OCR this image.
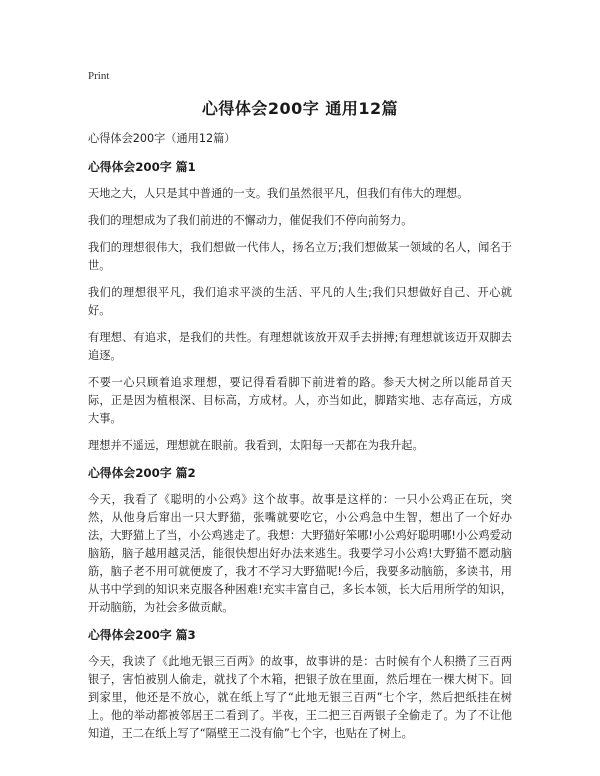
Print
心得体会200字 通用12篇
心得体会200字（通用12篇）
心得体会200字 篇1

天地之大，人只是其中普通的一支。我们虽然很平凡，但我们有伟大的理想。

我们的理想成为了我们前进的不懈动力，催促我们不停向前努力。

我们的理想很伟大，我们想做一代伟人，扬名立万;我们想做某一领域的名人，闻名于世。

我们的理想很平凡，我们追求平淡的生活、平凡的人生;我们只想做好自己、开心就好。

有理想、有追求，是我们的共性。有理想就该放开双手去拼搏;有理想就该迈开双脚去追逐。

不要一心只顾着追求理想，要记得看看脚下前进着的路。参天大树之所以能昂首天际，正是因为植根深、目标高，方成材。人，亦当如此，脚踏实地、志存高远，方成大事。

理想并不遥远，理想就在眼前。我看到，太阳每一天都在为我升起。

心得体会200字 篇2

今天，我看了《聪明的小公鸡》这个故事。故事是这样的：一只小公鸡正在玩，突然，从他身后窜出一只大野猫，张嘴就要吃它，小公鸡急中生智，想出了一个好办法，大野猫上了当，小公鸡逃走了。我想：大野猫好笨哪!小公鸡好聪明哪!小公鸡爱动脑筋，脑子越用越灵活，能很快想出好办法来逃生。我要学习小公鸡!大野猫不愿动脑筋，脑子老不用可就便废了，我才不学习大野猫呢!今后，我要多动脑筋，多读书，用从书中学到的知识来克服各种困难!充实丰富自己，多长本领，长大后用所学的知识，开动脑筋，为社会多做贡献。

心得体会200字 篇3

今天，我读了《此地无银三百两》的故事，故事讲的是：古时候有个人积攒了三百两银子，害怕被别人偷走，就找了个木箱，把银子放在里面，然后埋在一棵大树下。回到家里，他还是不放心，就在纸上写了“此地无银三百两”七个字，然后把纸挂在树上。他的举动都被邻居王二看到了。半夜，王二把三百两银子全偷走了。为了不让他知道，王二在纸上写了“隔壁王二没有偷”七个字，也贴在了树上。
